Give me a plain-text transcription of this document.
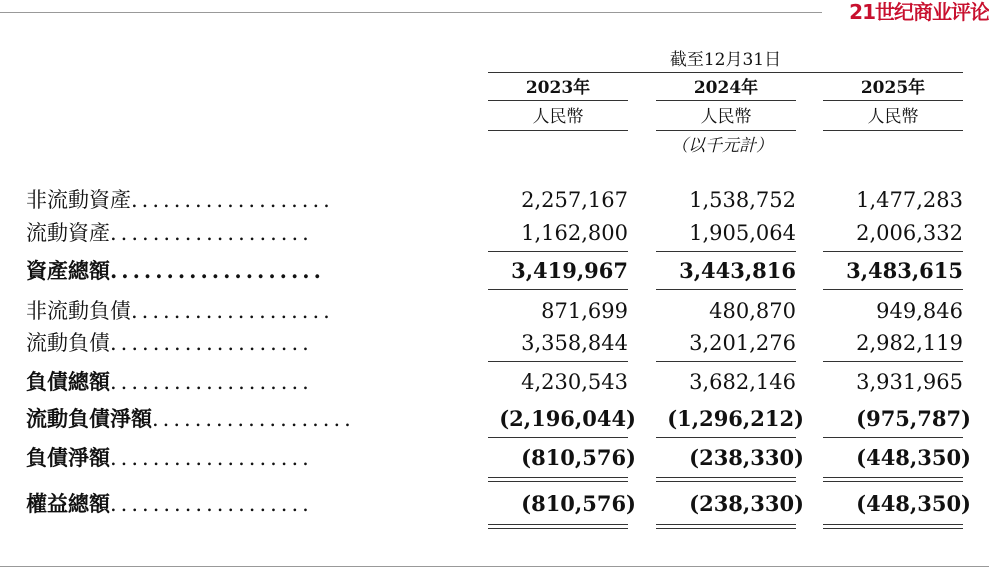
21世纪商业评论
截至12月31日
2023年	2024年	2025年
人民幣	人民幣	人民幣
（以千元計）
非流動資產...................	2,257,167	1,538,752	1,477,283
流動資產...................	1,162,800	1,905,064	2,006,332
資產總額...................	3,419,967	3,443,816	3,483,615
非流動負債...................	871,699	480,870	949,846
流動負債...................	3,358,844	3,201,276	2,982,119
負債總額...................	4,230,543	3,682,146	3,931,965
流動負債淨額...................	(2,196,044)	(1,296,212)	(975,787)
負債淨額...................	(810,576)	(238,330)	(448,350)
權益總額...................	(810,576)	(238,330)	(448,350)
